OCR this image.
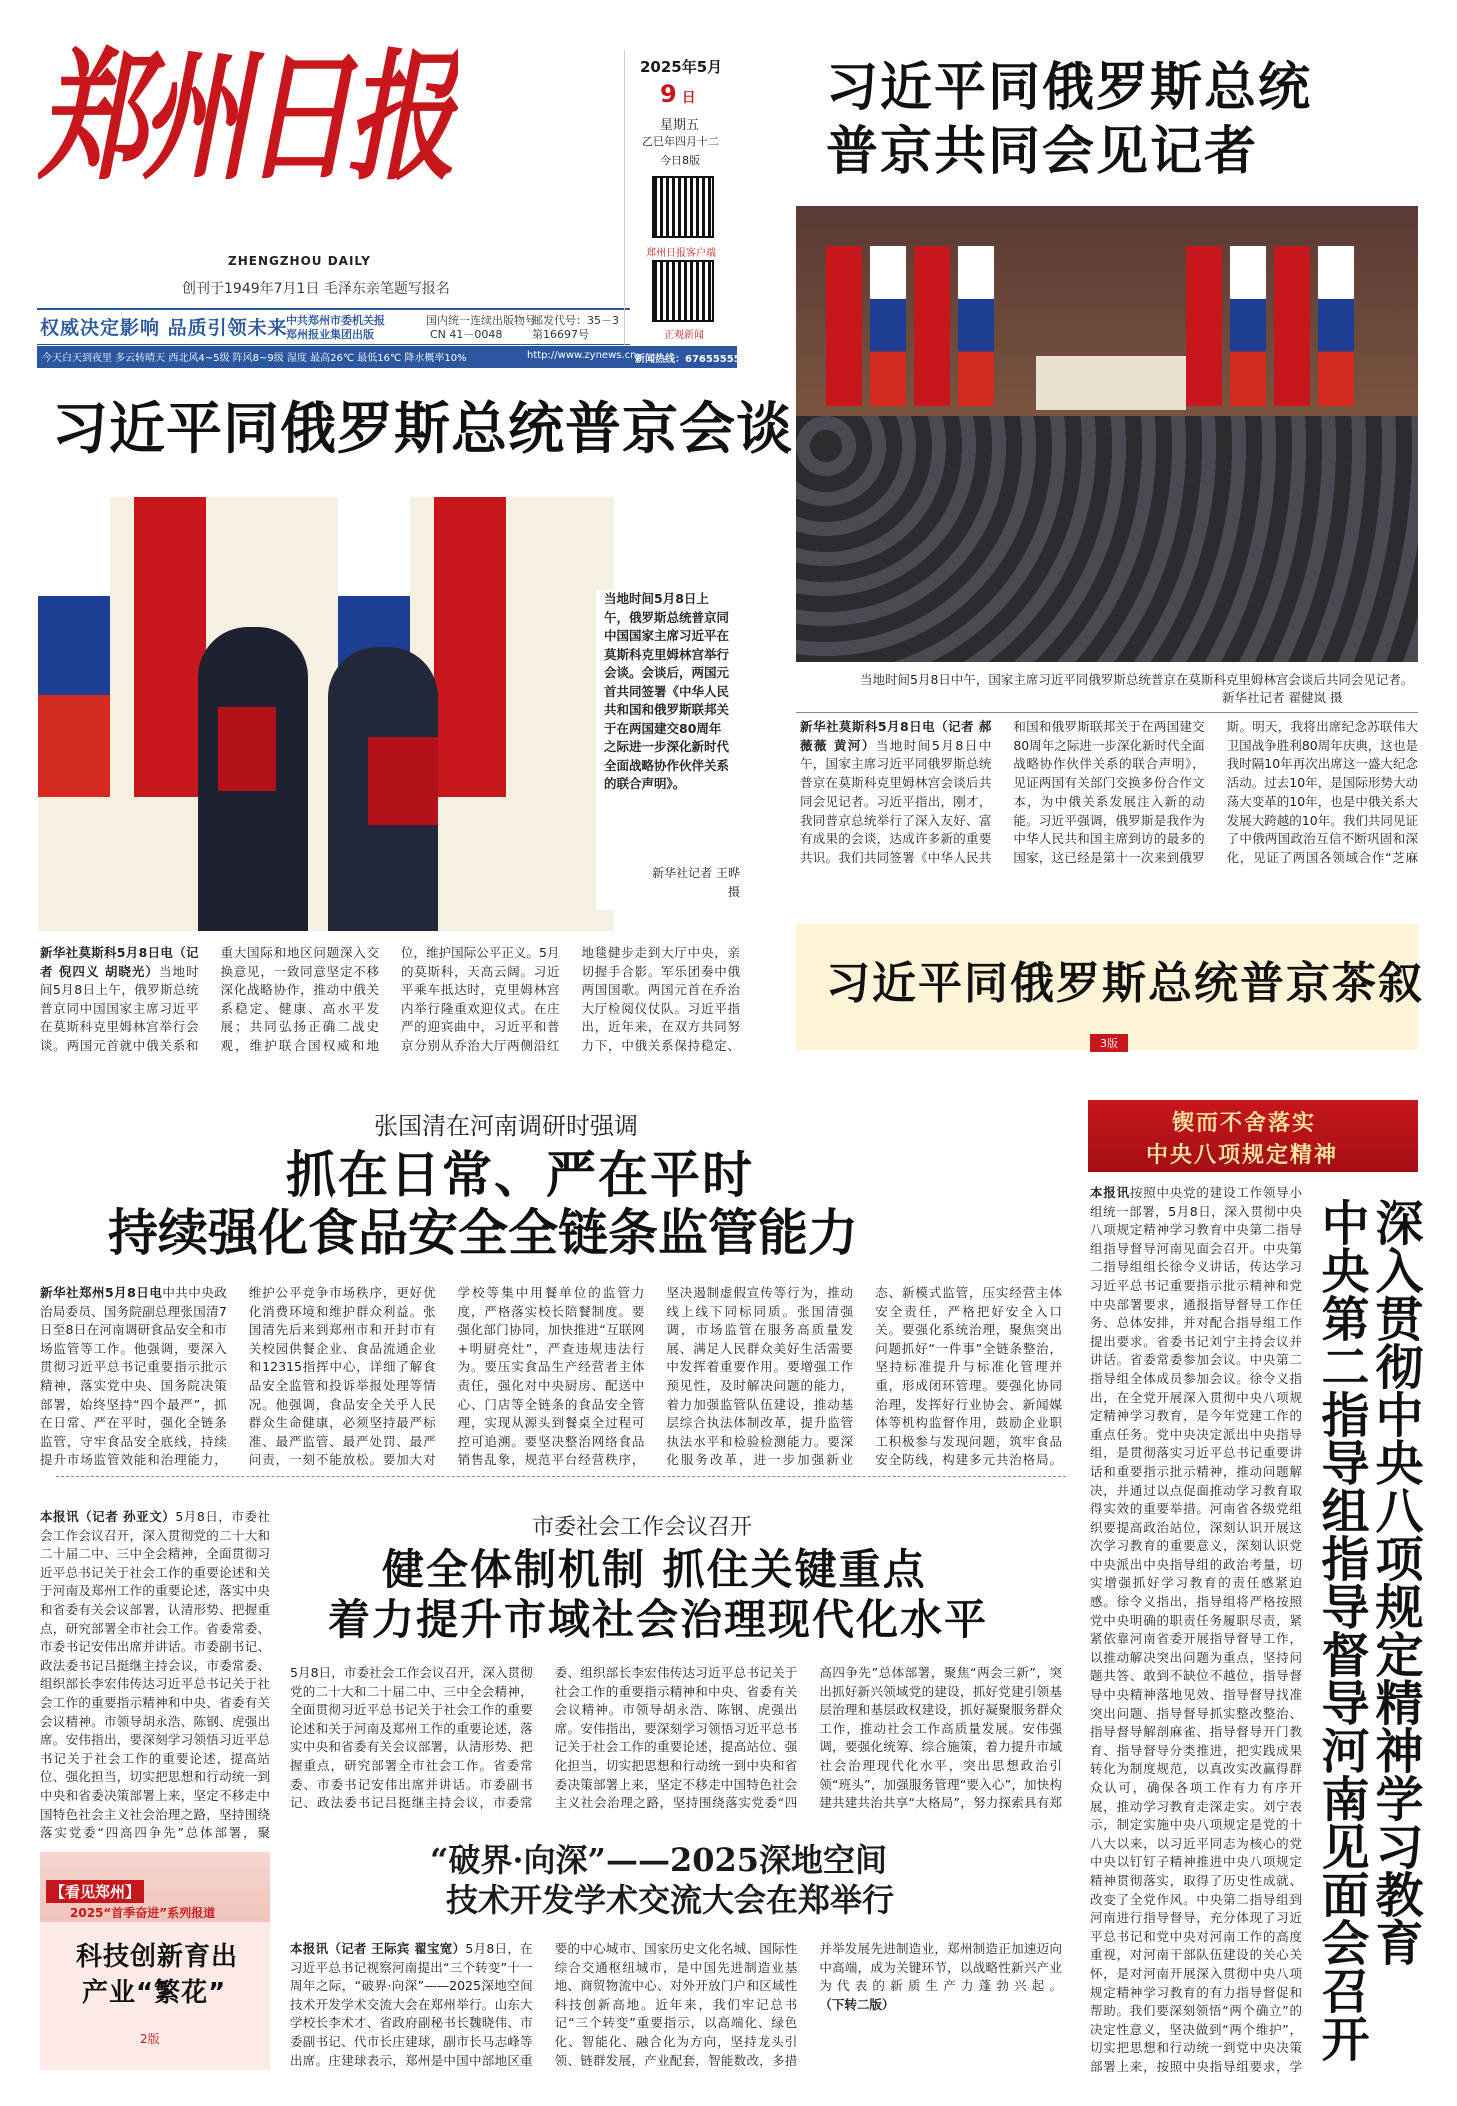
郑州日报
ZHENGZHOU DAILY
创刊于1949年7月1日 毛泽东亲笔题写报名
权威决定影响 品质引领未来
中共郑州市委机关报
郑州报业集团出版
国内统一连续出版物号
CN 41－0048
邮发代号：35－3
第16697号
今天白天到夜里 多云转晴天 西北风4~5级 阵风8~9级 湿度 最高26℃ 最低16℃ 降水概率10%	http://www.zynews.cn
新闻热线：67655555
2025年5月
9 日
星期五
乙巳年四月十二
今日8版
郑州日报客户端
正观新闻
习近平同俄罗斯总统
普京共同会见记者
当地时间5月8日中午，国家主席习近平同俄罗斯总统普京在莫斯科克里姆林宫会谈后共同会见记者。
新华社记者 翟健岚 摄
新华社莫斯科5月8日电（记者 郝薇薇 黄河）当地时间5月8日中午，国家主席习近平同俄罗斯总统普京在莫斯科克里姆林宫会谈后共同会见记者。习近平指出，刚才，我同普京总统举行了深入友好、富有成果的会谈，达成许多新的重要共识。我们共同签署《中华人民共和国和俄罗斯联邦关于在两国建交80周年之际进一步深化新时代全面战略协作伙伴关系的联合声明》，见证两国有关部门交换多份合作文本，为中俄关系发展注入新的动能。习近平强调，俄罗斯是我作为中华人民共和国主席到访的最多的国家，这已经是第十一次来到俄罗斯。明天，我将出席纪念苏联伟大卫国战争胜利80周年庆典，这也是我时隔10年再次出席这一盛大纪念活动。过去10年，是国际形势大动荡大变革的10年，也是中俄关系大发展大跨越的10年。我们共同见证了中俄两国政治互信不断巩固和深化，见证了两国各领域合作“芝麻
习近平同俄罗斯总统普京会谈
当地时间5月8日上午，俄罗斯总统普京同中国国家主席习近平在莫斯科克里姆林宫举行会谈。会谈后，两国元首共同签署《中华人民共和国和俄罗斯联邦关于在两国建交80周年之际进一步深化新时代全面战略协作伙伴关系的联合声明》。
新华社记者 王晔 摄
新华社莫斯科5月8日电（记者 倪四义 胡晓光）当地时间5月8日上午，俄罗斯总统普京同中国国家主席习近平在莫斯科克里姆林宫举行会谈。两国元首就中俄关系和重大国际和地区问题深入交换意见，一致同意坚定不移深化战略协作，推动中俄关系稳定、健康、高水平发展；共同弘扬正确二战史观，维护联合国权威和地位，维护国际公平正义。5月的莫斯科，天高云阔。习近平乘车抵达时，克里姆林宫内举行隆重欢迎仪式。在庄严的迎宾曲中，习近平和普京分别从乔治大厅两侧沿红地毯健步走到大厅中央，亲切握手合影。军乐团奏中俄两国国歌。两国元首在乔治大厅检阅仪仗队。习近平指出，近年来，在双方共同努力下，中俄关系保持稳定、
习近平同俄罗斯总统普京茶叙
3版
张国清在河南调研时强调
抓在日常、严在平时
持续强化食品安全全链条监管能力
新华社郑州5月8日电中共中央政治局委员、国务院副总理张国清7日至8日在河南调研食品安全和市场监管等工作。他强调，要深入贯彻习近平总书记重要指示批示精神，落实党中央、国务院决策部署，始终坚持“四个最严”，抓在日常、严在平时，强化全链条监管，守牢食品安全底线，持续提升市场监管效能和治理能力，维护公平竞争市场秩序，更好优化消费环境和维护群众利益。张国清先后来到郑州市和开封市有关校园供餐企业、食品流通企业和12315指挥中心，详细了解食品安全监管和投诉举报处理等情况。他强调，食品安全关乎人民群众生命健康，必须坚持最严标准、最严监管、最严处罚、最严问责，一刻不能放松。要加大对学校等集中用餐单位的监管力度，严格落实校长陪餐制度。要强化部门协同，加快推进“互联网+明厨亮灶”，严查违规违法行为。要压实食品生产经营者主体责任，强化对中央厨房、配送中心、门店等全链条的食品安全管理，实现从源头到餐桌全过程可控可追溯。要坚决整治网络食品销售乱象，规范平台经营秩序，坚决遏制虚假宣传等行为，推动线上线下同标同质。张国清强调，市场监管在服务高质量发展、满足人民群众美好生活需要中发挥着重要作用。要增强工作预见性，及时解决问题的能力，着力加强监管队伍建设，推动基层综合执法体制改革，提升监管执法水平和检验检测能力。要深化服务改革，进一步加强新业态、新模式监管，压实经营主体安全责任，严格把好安全入口关。要强化系统治理，聚焦突出问题抓好“一件事”全链条整治，坚持标准提升与标准化管理并重，形成闭环管理。要强化协同治理，发挥好行业协会、新闻媒体等机构监督作用，鼓励企业职工积极参与发现问题，筑牢食品安全防线，构建多元共治格局。
市委社会工作会议召开
健全体制机制 抓住关键重点
着力提升市域社会治理现代化水平
本报讯（记者 孙亚文）5月8日，市委社会工作会议召开，深入贯彻党的二十大和二十届二中、三中全会精神，全面贯彻习近平总书记关于社会工作的重要论述和关于河南及郑州工作的重要论述，落实中央和省委有关会议部署，认清形势、把握重点，研究部署全市社会工作。省委常委、市委书记安伟出席并讲话。市委副书记、政法委书记吕挺继主持会议，市委常委、组织部长李宏伟传达习近平总书记关于社会工作的重要指示精神和中央、省委有关会议精神。市领导胡永浩、陈钢、虎强出席。安伟指出，要深刻学习领悟习近平总书记关于社会工作的重要论述，提高站位、强化担当，切实把思想和行动统一到中央和省委决策部署上来，坚定不移走中国特色社会主义社会治理之路，坚持围绕落实党委“四高四争先”总体部署，聚
5月8日，市委社会工作会议召开，深入贯彻党的二十大和二十届二中、三中全会精神，全面贯彻习近平总书记关于社会工作的重要论述和关于河南及郑州工作的重要论述，落实中央和省委有关会议部署，认清形势、把握重点，研究部署全市社会工作。省委常委、市委书记安伟出席并讲话。市委副书记、政法委书记吕挺继主持会议，市委常委、组织部长李宏伟传达习近平总书记关于社会工作的重要指示精神和中央、省委有关会议精神。市领导胡永浩、陈钢、虎强出席。安伟指出，要深刻学习领悟习近平总书记关于社会工作的重要论述，提高站位、强化担当，切实把思想和行动统一到中央和省委决策部署上来，坚定不移走中国特色社会主义社会治理之路，坚持围绕落实党委“四高四争先”总体部署，聚焦“两会三新”，突出抓好新兴领域党的建设，抓好党建引领基层治理和基层政权建设，抓好凝聚服务群众工作，推动社会工作高质量发展。安伟强调，要强化统筹、综合施策，着力提升市域社会治理现代化水平，突出思想政治引领“班头”，加强服务管理“要入心”，加快构建共建共治共享“大格局”，努力探索具有郑
【看见郑州】
2025“首季奋进”系列报道
科技创新育出
产业“繁花”
2版
“破界·向深”——2025深地空间
技术开发学术交流大会在郑举行
本报讯（记者 王际宾 翟宝宽）5月8日，在习近平总书记视察河南提出“三个转变”十一周年之际，“破界·向深”——2025深地空间技术开发学术交流大会在郑州举行。山东大学校长李术才、省政府副秘书长魏晓伟、市委副书记、代市长庄建球，副市长马志峰等出席。庄建球表示，郑州是中国中部地区重要的中心城市、国家历史文化名城、国际性综合交通枢纽城市，是中国先进制造业基地、商贸物流中心、对外开放门户和区域性科技创新高地。近年来，我们牢记总书记“三个转变”重要指示，以高端化、绿色化、智能化、融合化为方向，坚持龙头引领、链群发展，产业配套，智能数改，多措并举发展先进制造业，郑州制造正加速迈向中高端，成为关键环节，以战略性新兴产业为代表的新质生产力蓬勃兴起。（下转二版）
锲而不舍落实
中央八项规定精神
本报讯按照中央党的建设工作领导小组统一部署，5月8日，深入贯彻中央八项规定精神学习教育中央第二指导组指导督导河南见面会召开。中央第二指导组组长徐令义讲话，传达学习习近平总书记重要指示批示精神和党中央部署要求，通报指导督导工作任务、总体安排，并对配合指导组工作提出要求。省委书记刘宁主持会议并讲话。省委常委参加会议。中央第二指导组全体成员参加会议。徐令义指出，在全党开展深入贯彻中央八项规定精神学习教育，是今年党建工作的重点任务。党中央决定派出中央指导组，是贯彻落实习近平总书记重要讲话和重要指示批示精神，推动问题解决，并通过以点促面推动学习教育取得实效的重要举措。河南省各级党组织要提高政治站位，深刻认识开展这次学习教育的重要意义，深刻认识党中央派出中央指导组的政治考量，切实增强抓好学习教育的责任感紧迫感。徐令义指出，指导组将严格按照党中央明确的职责任务履职尽责，紧紧依靠河南省委开展指导督导工作，以推动解决突出问题为重点，坚持问题共答、敢到不缺位不越位，指导督导中央精神落地见效、指导督导找准突出问题、指导督导抓实整改整治、指导督导解剖麻雀、指导督导开门教育、指导督导分类推进，把实践成果转化为制度规范，以真改实改赢得群众认可，确保各项工作有力有序开展，推动学习教育走深走实。刘宁表示，制定实施中央八项规定是党的十八大以来，以习近平同志为核心的党中央以钉钉子精神推进中央八项规定精神贯彻落实，取得了历史性成就、改变了全党作风。中央第二指导组到河南进行指导督导，充分体现了习近平总书记和党中央对河南工作的高度重视，对河南干部队伍建设的关心关怀，是对河南开展深入贯彻中央八项规定精神学习教育的有力指导督促和帮助。我们要深刻领悟“两个确立”的决定性意义，坚决做到“两个维护”，切实把思想和行动统一到党中央决策部署上来，按照中央指导组要求，学
深入贯彻中央八项规定精神学习教育
中央第二指导组指导督导河南见面会召开
